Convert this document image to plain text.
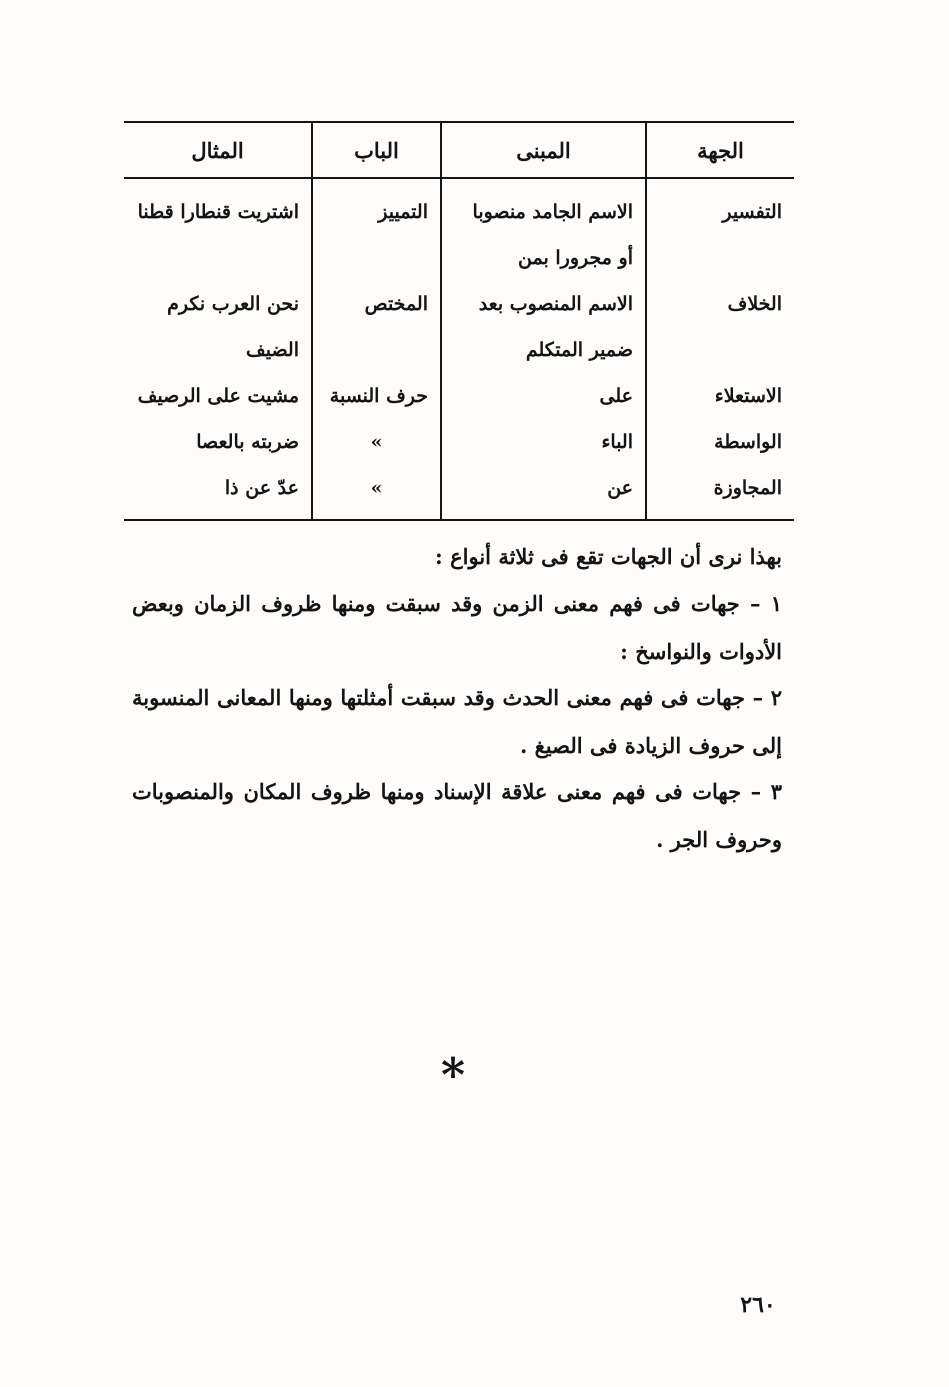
الجهة	المبنى	الباب	المثال
التفسير	الاسم الجامد منصوبا أو مجرورا بمن	التمييز	اشتريت قنطارا قطنا
الخلاف	الاسم المنصوب بعد ضمير المتكلم	المختص	نحن العرب نكرم الضيف
الاستعلاء	على	حرف النسبة	مشيت على الرصيف
الواسطة	الباء	»	ضربته بالعصا
المجاوزة	عن	»	عدّ عن ذا
بهذا نرى أن الجهات تقع فى ثلاثة أنواع :
١ – جهات فى فهم معنى الزمن وقد سبقت ومنها ظروف الزمان وبعض الأدوات والنواسخ :
٢ – جهات فى فهم معنى الحدث وقد سبقت أمثلتها ومنها المعانى المنسوبة إلى حروف الزيادة فى الصيغ .
٣ – جهات فى فهم معنى علاقة الإسناد ومنها ظروف المكان والمنصوبات وحروف الجر .
*
٢٦٠
